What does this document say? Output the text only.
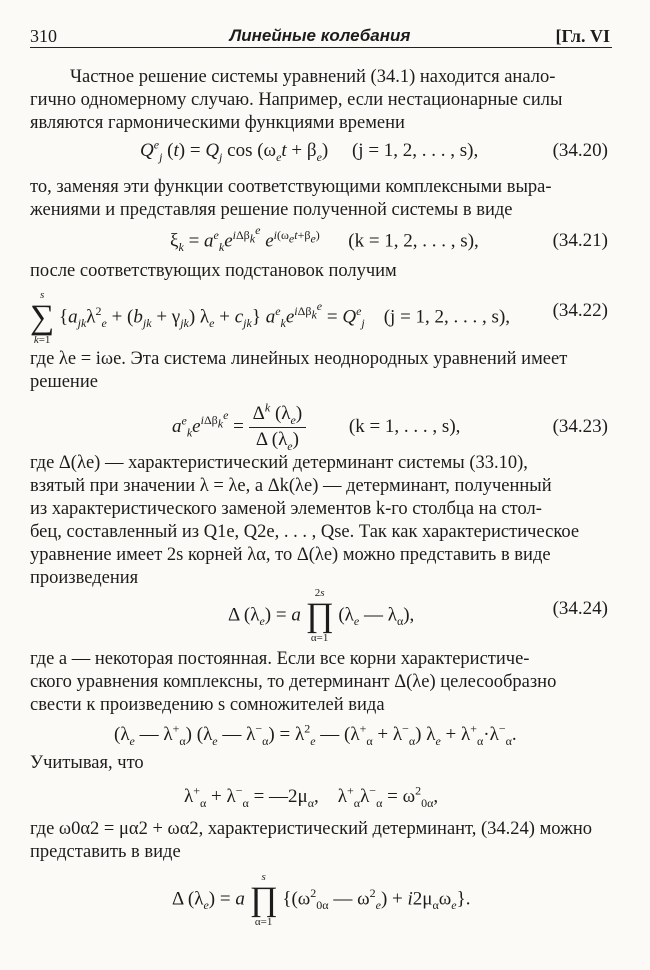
310	Линейные колебания	[Гл. VI
Частное решение системы уравнений (34.1) находится анало-
гично одномерному случаю. Например, если нестационарные силы
являются гармоническими функциями времени
$Q^e_j$ $(t) = Q_j$ $\cos (\omega_et + \beta_e)$     (j = 1, 2, . . . , s),	(34.20)
то, заменяя эти функции соответствующими комплексными выра-
жениями и представляя решение полученной системы в виде
$\xi_k = a^e_ke^{i\Delta\beta_k^e}$ $e^{i(\omega_et+\beta_e)}$ (k = 1, 2, . . . , s),	(34.21)
после соответствующих подстановок получим
s
∑
k=1
$\{a_{jk}\lambda^2_e + (b_{jk} + \gamma_{jk}) \lambda_e + c_{jk}\} a^e_ke^{i\Delta\beta_k^e} = Q^e_j$ (j = 1, 2, . . . , s), (34.22)
где λe = iωe. Эта система линейных неоднородных уравнений имеет
решение
$a^e_ke^{i\Delta\beta_k^e} = \frac{\Delta^k (\lambda_e)}{\Delta (\lambda_e)} (k = 1$, . . . , s),	(34.23)
где Δ(λe) — характеристический детерминант системы (33.10),
взятый при значении λ = λe, а Δk(λe) — детерминант, полученный
из характеристического заменой элементов k-го столбца на стол-
бец, составленный из Q1e, Q2e, . . . , Qse. Так как характеристическое
уравнение имеет 2s корней λα, то Δ(λe) можно представить в виде
произведения
Δ $(\lambda_e) = a$
2s
∏
α=1
($\lambda_e$ — $\lambda_\alpha$),	(34.24)
где a — некоторая постоянная. Если все корни характеристиче-
ского уравнения комплексны, то детерминант Δ(λe) целесообразно
свести к произведению s сомножителей вида
($\lambda_e$ — $\lambda^+_\alpha$) ($\lambda_e$ — $\lambda^-_\alpha) = \lambda^2_e$ — $(\lambda^+_\alpha + \lambda^-_\alpha) \lambda_e + \lambda^+_\alpha\cdot\lambda^-_\alpha$.
Учитывая, что
$\lambda^+_\alpha + \lambda^-_\alpha$ = $—2\mu_\alpha$,    $\lambda^+_\alpha\lambda^-_\alpha = \omega^2_{0\alpha}$,
где ω0α2 = μα2 + ωα2, характеристический детерминант, (34.24) можно
представить в виде
Δ $(\lambda_e) = a$
s
∏
α=1
{($\omega^2_{0\alpha}$ — $\omega^2_e) + i2\mu_\alpha\omega_e$}.
